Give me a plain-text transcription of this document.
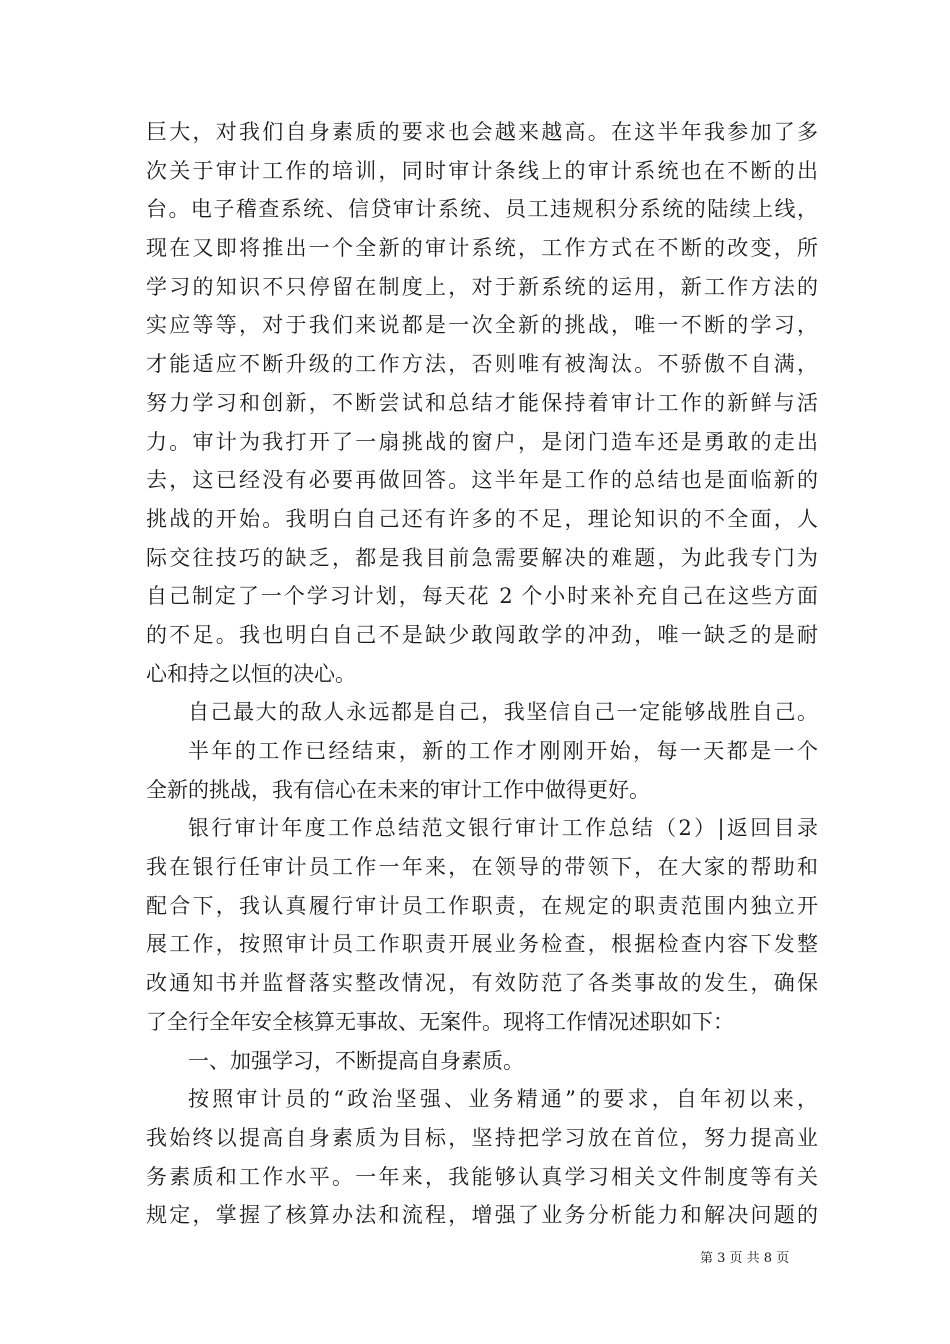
巨大，对我们自身素质的要求也会越来越高。在这半年我参加了多
次关于审计工作的培训，同时审计条线上的审计系统也在不断的出
台。电子稽查系统、信贷审计系统、员工违规积分系统的陆续上线，
现在又即将推出一个全新的审计系统，工作方式在不断的改变，所
学习的知识不只停留在制度上，对于新系统的运用，新工作方法的
实应等等，对于我们来说都是一次全新的挑战，唯一不断的学习，
才能适应不断升级的工作方法，否则唯有被淘汰。不骄傲不自满，
努力学习和创新，不断尝试和总结才能保持着审计工作的新鲜与活
力。审计为我打开了一扇挑战的窗户，是闭门造车还是勇敢的走出
去，这已经没有必要再做回答。这半年是工作的总结也是面临新的
挑战的开始。我明白自己还有许多的不足，理论知识的不全面，人
际交往技巧的缺乏，都是我目前急需要解决的难题，为此我专门为
自己制定了一个学习计划，每天花 2 个小时来补充自己在这些方面
的不足。我也明白自己不是缺少敢闯敢学的冲劲，唯一缺乏的是耐
心和持之以恒的决心。
自己最大的敌人永远都是自己，我坚信自己一定能够战胜自己。
半年的工作已经结束，新的工作才刚刚开始，每一天都是一个
全新的挑战，我有信心在未来的审计工作中做得更好。
银行审计年度工作总结范文银行审计工作总结（2）|返回目录
我在银行任审计员工作一年来，在领导的带领下，在大家的帮助和
配合下，我认真履行审计员工作职责，在规定的职责范围内独立开
展工作，按照审计员工作职责开展业务检查，根据检查内容下发整
改通知书并监督落实整改情况，有效防范了各类事故的发生，确保
了全行全年安全核算无事故、无案件。现将工作情况述职如下：
一、加强学习，不断提高自身素质。
按照审计员的“政治坚强、业务精通”的要求，自年初以来，
我始终以提高自身素质为目标，坚持把学习放在首位，努力提高业
务素质和工作水平。一年来，我能够认真学习相关文件制度等有关
规定，掌握了核算办法和流程，增强了业务分析能力和解决问题的
第 3 页 共 8 页
